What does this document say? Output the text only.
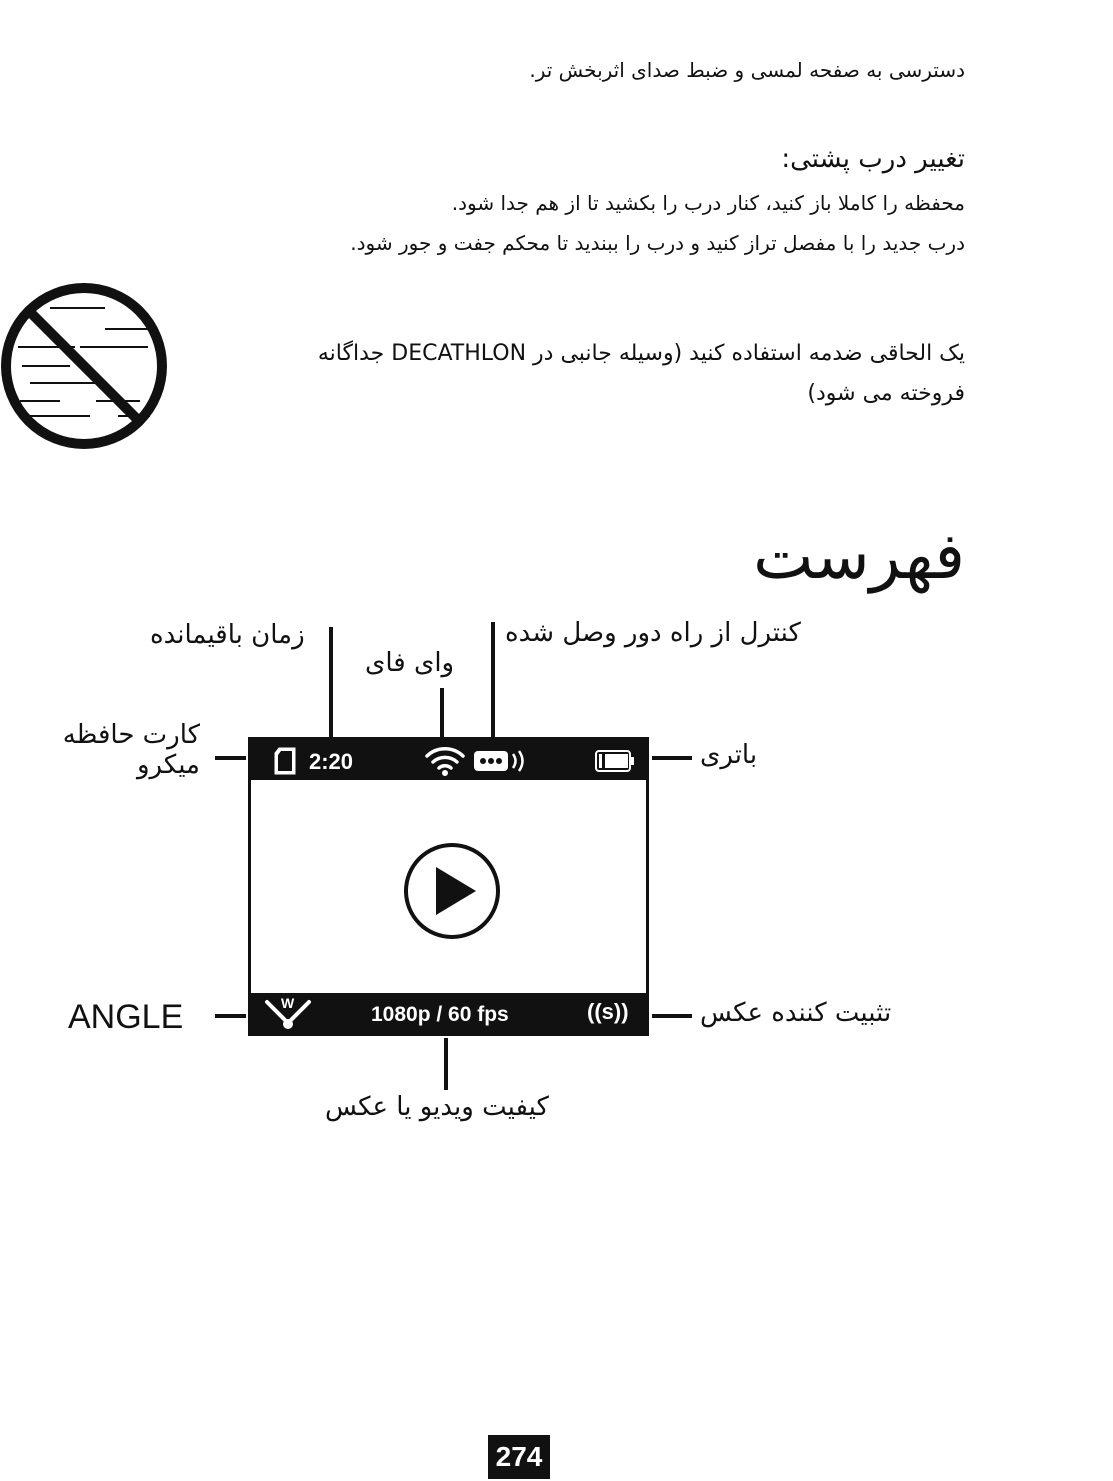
دسترسی به صفحه لمسی و ضبط صدای اثربخش تر.
تغییر درب پشتی:
محفظه را کاملا باز کنید، کنار درب را بکشید تا از هم جدا شود.
درب جدید را با مفصل تراز کنید و درب را ببندید تا محکم جفت و جور شود.
یک الحاقی ضدمه استفاده کنید (وسیله جانبی در DECATHLON جداگانه
فروخته می شود)
فهرست
زمان باقیمانده
وای فای
کنترل از راه دور وصل شده
کارت حافظه
میکرو	باتری
ANGLE	تثبیت کننده عکس
کیفیت ویدیو یا عکس
2:20
W	1080p / 60 fps	((s))
274
